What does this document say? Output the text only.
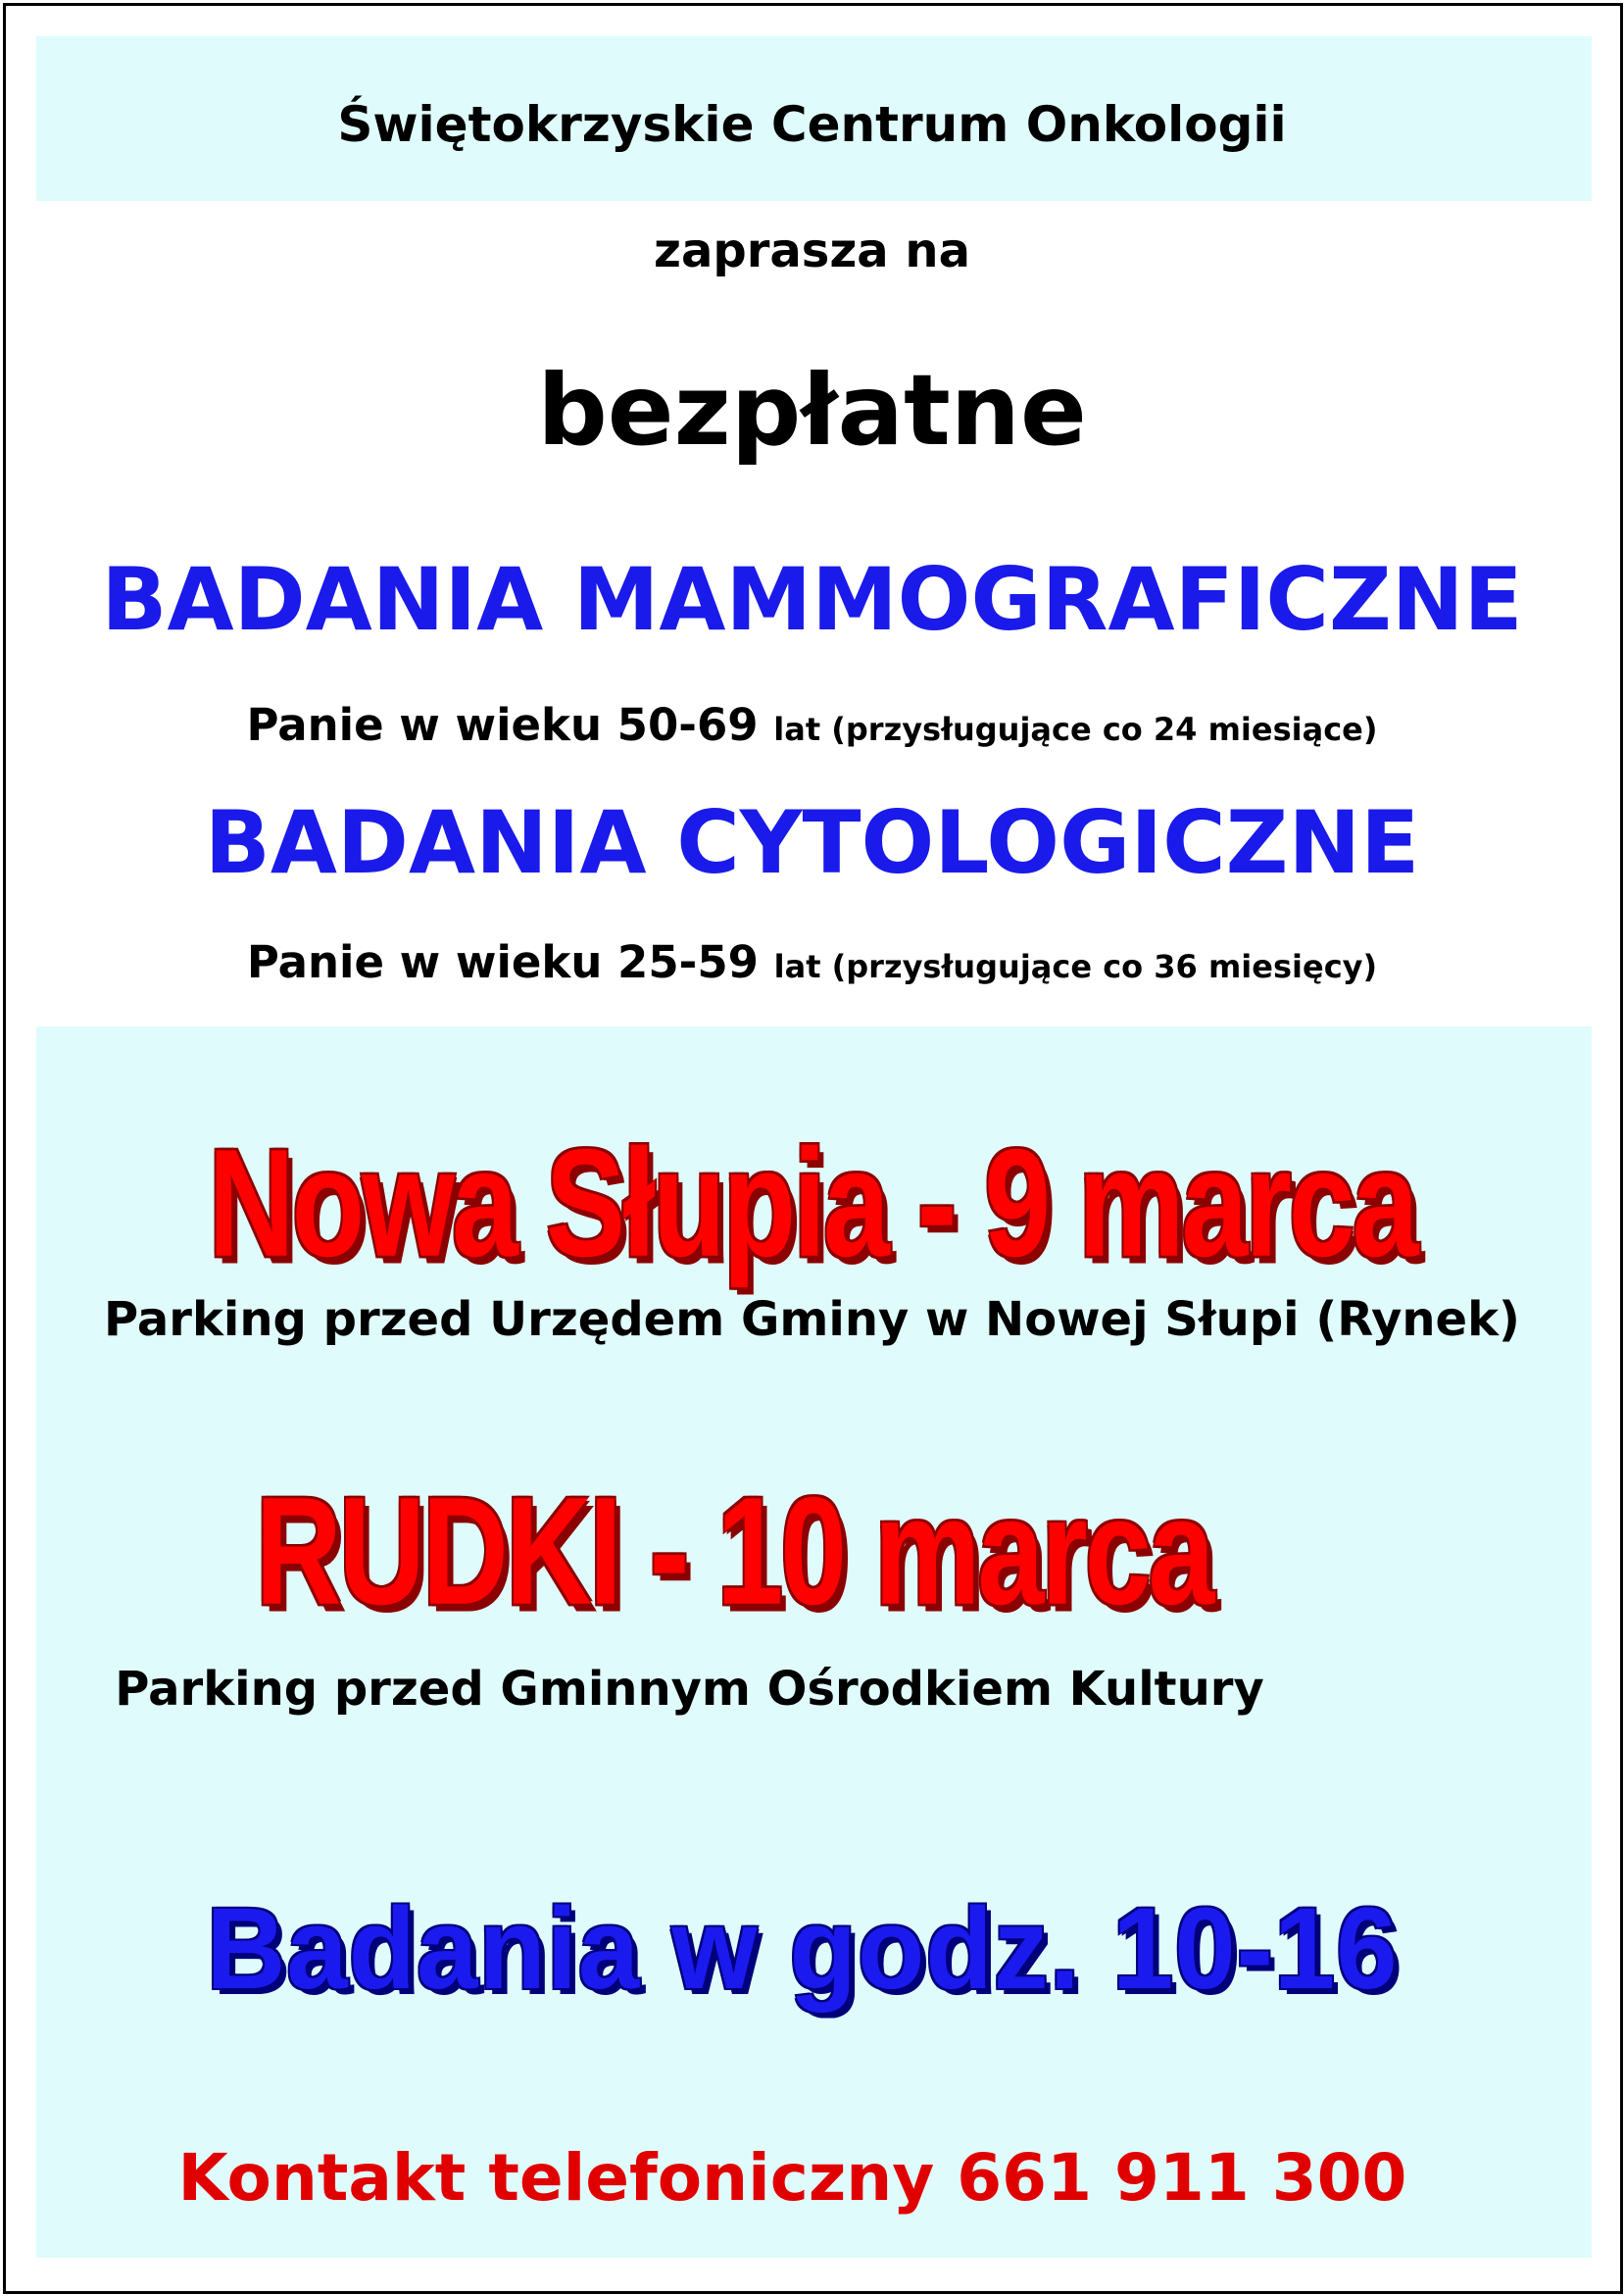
Świętokrzyskie Centrum Onkologii
zaprasza na
bezpłatne
BADANIA MAMMOGRAFICZNE
Panie w wieku 50-69 lat (przysługujące co 24 miesiące)
BADANIA CYTOLOGICZNE
Panie w wieku 25-59 lat (przysługujące co 36 miesięcy)
Nowa Słupia - 9 marca
Parking przed Urzędem Gminy w Nowej Słupi (Rynek)
RUDKI - 10 marca
Parking przed Gminnym Ośrodkiem Kultury
Badania w godz. 10-16
Kontakt telefoniczny 661 911 300
